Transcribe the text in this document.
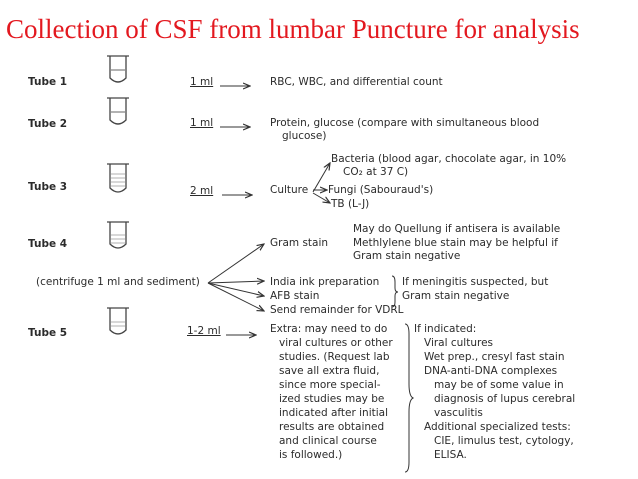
Collection of CSF from lumbar Puncture for analysis
Tube 1
Tube 2
Tube 3
Tube 4
Tube 5
1 ml
1 ml
2 ml
1-2 ml
RBC, WBC, and differential count
Protein, glucose (compare with simultaneous blood
glucose)
Culture
Bacteria (blood agar, chocolate agar, in 10%
CO₂ at 37 C)
Fungi (Sabouraud's)
TB (L-J)
(centrifuge 1 ml and sediment)
Gram stain
May do Quellung if antisera is available
Methlylene blue stain may be helpful if
Gram stain negative
India ink preparation
AFB stain
If meningitis suspected, but
Gram stain negative
Send remainder for VDRL
Extra: may need to do
viral cultures or other
studies. (Request lab
save all extra fluid,
since more special-
ized studies may be
indicated after initial
results are obtained
and clinical course
is followed.)
If indicated:
Viral cultures
Wet prep., cresyl fast stain
DNA-anti-DNA complexes
may be of some value in
diagnosis of lupus cerebral
vasculitis
Additional specialized tests:
CIE, limulus test, cytology,
ELISA.
